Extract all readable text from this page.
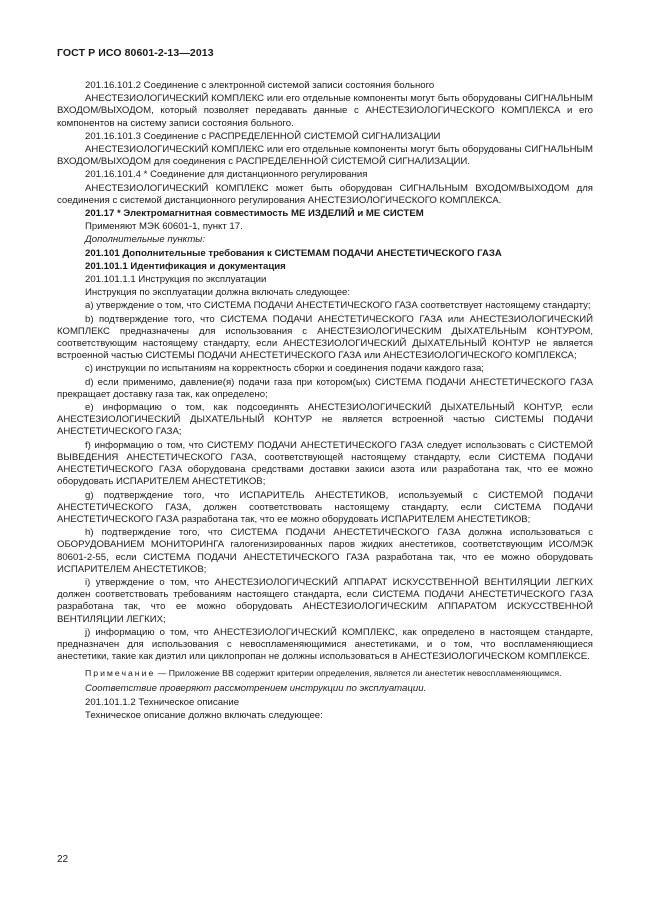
ГОСТ Р ИСО 80601-2-13—2013

201.16.101.2 Соединение с электронной системой записи состояния больного

АНЕСТЕЗИОЛОГИЧЕСКИЙ КОМПЛЕКС или его отдельные компоненты могут быть оборудованы СИГНАЛЬНЫМ ВХОДОМ/ВЫХОДОМ, который позволяет передавать данные с АНЕСТЕЗИОЛОГИЧЕСКОГО КОМПЛЕКСА и его компонентов на систему записи состояния больного.

201.16.101.3 Соединение с РАСПРЕДЕЛЕННОЙ СИСТЕМОЙ СИГНАЛИЗАЦИИ

АНЕСТЕЗИОЛОГИЧЕСКИЙ КОМПЛЕКС или его отдельные компоненты могут быть оборудованы СИГНАЛЬНЫМ ВХОДОМ/ВЫХОДОМ для соединения с РАСПРЕДЕЛЕННОЙ СИСТЕМОЙ СИГНАЛИЗАЦИИ.

201.16.101.4 * Соединение для дистанционного регулирования

АНЕСТЕЗИОЛОГИЧЕСКИЙ КОМПЛЕКС может быть оборудован СИГНАЛЬНЫМ ВХОДОМ/ВЫХОДОМ для соединения с системой дистанционного регулирования АНЕСТЕЗИОЛОГИЧЕСКОГО КОМПЛЕКСА.

201.17 * Электромагнитная совместимость МЕ ИЗДЕЛИЙ и МЕ СИСТЕМ

Применяют МЭК 60601-1, пункт 17.

Дополнительные пункты:

201.101 Дополнительные требования к СИСТЕМАМ ПОДАЧИ АНЕСТЕТИЧЕСКОГО ГАЗА

201.101.1 Идентификация и документация

201.101.1.1 Инструкция по эксплуатации

Инструкция по эксплуатации должна включать следующее:

а) утверждение о том, что СИСТЕМА ПОДАЧИ АНЕСТЕТИЧЕСКОГО ГАЗА соответствует настоящему стандарту;

b) подтверждение того, что СИСТЕМА ПОДАЧИ АНЕСТЕТИЧЕСКОГО ГАЗА или АНЕСТЕЗИОЛОГИЧЕСКИЙ КОМПЛЕКС предназначены для использования с АНЕСТЕЗИОЛОГИЧЕСКИМ ДЫХАТЕЛЬНЫМ КОНТУРОМ, соответствующим настоящему стандарту, если АНЕСТЕЗИОЛОГИЧЕСКИЙ ДЫХАТЕЛЬНЫЙ КОНТУР не является встроенной частью СИСТЕМЫ ПОДАЧИ АНЕСТЕТИЧЕСКОГО ГАЗА или АНЕСТЕЗИОЛОГИЧЕСКОГО КОМПЛЕКСА;

с) инструкции по испытаниям на корректность сборки и соединения подачи каждого газа;

d) если применимо, давление(я) подачи газа при котором(ых) СИСТЕМА ПОДАЧИ АНЕСТЕТИЧЕСКОГО ГАЗА прекращает доставку газа так, как определено;

е) информацию о том, как подсоединять АНЕСТЕЗИОЛОГИЧЕСКИЙ ДЫХАТЕЛЬНЫЙ КОНТУР, если АНЕСТЕЗИОЛОГИЧЕСКИЙ ДЫХАТЕЛЬНЫЙ КОНТУР не является встроенной частью СИСТЕМЫ ПОДАЧИ АНЕСТЕТИЧЕСКОГО ГАЗА;

f) информацию о том, что СИСТЕМУ ПОДАЧИ АНЕСТЕТИЧЕСКОГО ГАЗА следует использовать с СИСТЕМОЙ ВЫВЕДЕНИЯ АНЕСТЕТИЧЕСКОГО ГАЗА, соответствующей настоящему стандарту, если СИСТЕМА ПОДАЧИ АНЕСТЕТИЧЕСКОГО ГАЗА оборудована средствами доставки закиси азота или разработана так, что ее можно оборудовать ИСПАРИТЕЛЕМ АНЕСТЕТИКОВ;

g) подтверждение того, что ИСПАРИТЕЛЬ АНЕСТЕТИКОВ, используемый с СИСТЕМОЙ ПОДАЧИ АНЕСТЕТИЧЕСКОГО ГАЗА, должен соответствовать настоящему стандарту, если СИСТЕМА ПОДАЧИ АНЕСТЕТИЧЕСКОГО ГАЗА разработана так, что ее можно оборудовать ИСПАРИТЕЛЕМ АНЕСТЕТИКОВ;

h) подтверждение того, что СИСТЕМА ПОДАЧИ АНЕСТЕТИЧЕСКОГО ГАЗА должна использоваться с ОБОРУДОВАНИЕМ МОНИТОРИНГА галогенизированных паров жидких анестетиков, соответствующим ИСО/МЭК 80601-2-55, если СИСТЕМА ПОДАЧИ АНЕСТЕТИЧЕСКОГО ГАЗА разработана так, что ее можно оборудовать ИСПАРИТЕЛЕМ АНЕСТЕТИКОВ;

i) утверждение о том, что АНЕСТЕЗИОЛОГИЧЕСКИЙ АППАРАТ ИСКУССТВЕННОЙ ВЕНТИЛЯЦИИ ЛЕГКИХ должен соответствовать требованиям настоящего стандарта, если СИСТЕМА ПОДАЧИ АНЕСТЕТИЧЕСКОГО ГАЗА разработана так, что ее можно оборудовать АНЕСТЕЗИОЛОГИЧЕСКИМ АППАРАТОМ ИСКУССТВЕННОЙ ВЕНТИЛЯЦИИ ЛЕГКИХ;

j) информацию о том, что АНЕСТЕЗИОЛОГИЧЕСКИЙ КОМПЛЕКС, как определено в настоящем стандарте, предназначен для использования с невоспламеняющимися анестетиками, и о том, что воспламеняющиеся анестетики, такие как диэтил или циклопропан не должны использоваться в АНЕСТЕЗИОЛОГИЧЕСКОМ КОМПЛЕКСЕ.

Примечание — Приложение ВВ содержит критерии определения, является ли анестетик невоспламеняющимся.

Соответствие проверяют рассмотрением инструкции по эксплуатации.

201.101.1.2 Техническое описание

Техническое описание должно включать следующее:

22
